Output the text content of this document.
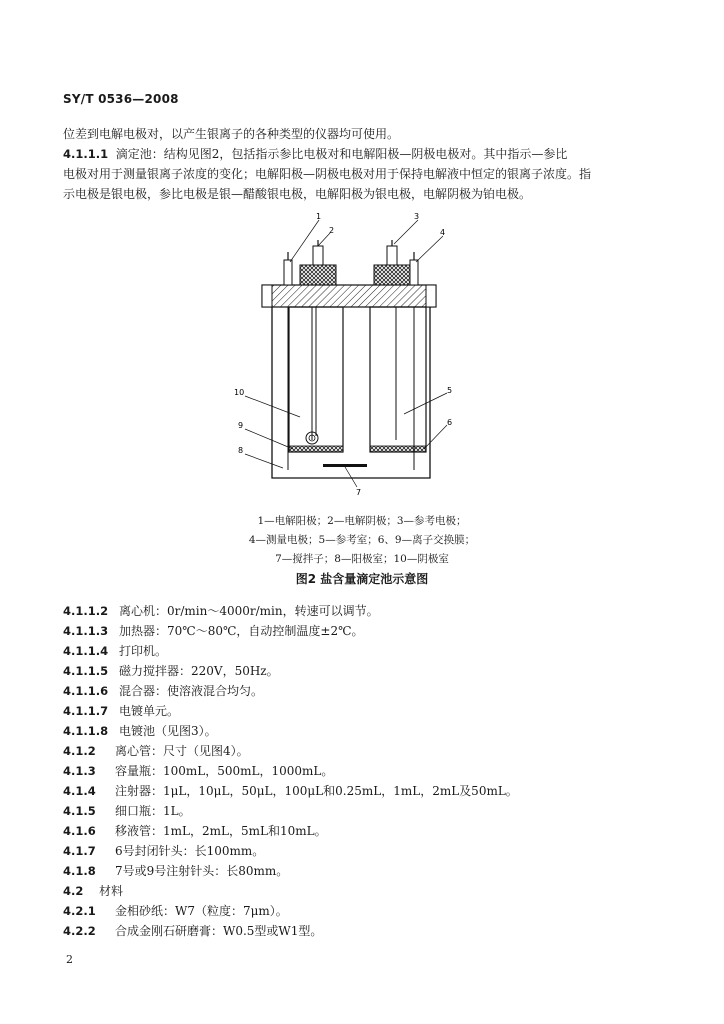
SY/T 0536—2008
位差到电解电极对，以产生银离子的各种类型的仪器均可使用。
4.1.1.1 滴定池：结构见图2，包括指示参比电极对和电解阳极—阴极电极对。其中指示—参比
电极对用于测量银离子浓度的变化；电解阳极—阴极电极对用于保持电解液中恒定的银离子浓度。指
示电极是银电极，参比电极是银—醋酸银电极，电解阳极为银电极，电解阴极为铂电极。
1
2
3
4
5
6
7
8
9
10
1—电解阳极；2—电解阴极；3—参考电极；
4—测量电极；5—参考室；6、9—离子交换膜；
7—搅拌子；8—阳极室；10—阴极室
图2 盐含量滴定池示意图
4.1.1.2 离心机：0r/min～4000r/min，转速可以调节。
4.1.1.3 加热器：70℃～80℃，自动控制温度±2℃。
4.1.1.4 打印机。
4.1.1.5 磁力搅拌器：220V，50Hz。
4.1.1.6 混合器：使溶液混合均匀。
4.1.1.7 电镀单元。
4.1.1.8 电镀池（见图3）。
4.1.2 离心管：尺寸（见图4）。
4.1.3 容量瓶：100mL，500mL，1000mL。
4.1.4 注射器：1μL，10μL，50μL，100μL和0.25mL，1mL，2mL及50mL。
4.1.5 细口瓶：1L。
4.1.6 移液管：1mL，2mL，5mL和10mL。
4.1.7 6号封闭针头：长100mm。
4.1.8 7号或9号注射针头：长80mm。
4.2 材料
4.2.1 金相砂纸：W7（粒度：7μm）。
4.2.2 合成金刚石研磨膏：W0.5型或W1型。
2
